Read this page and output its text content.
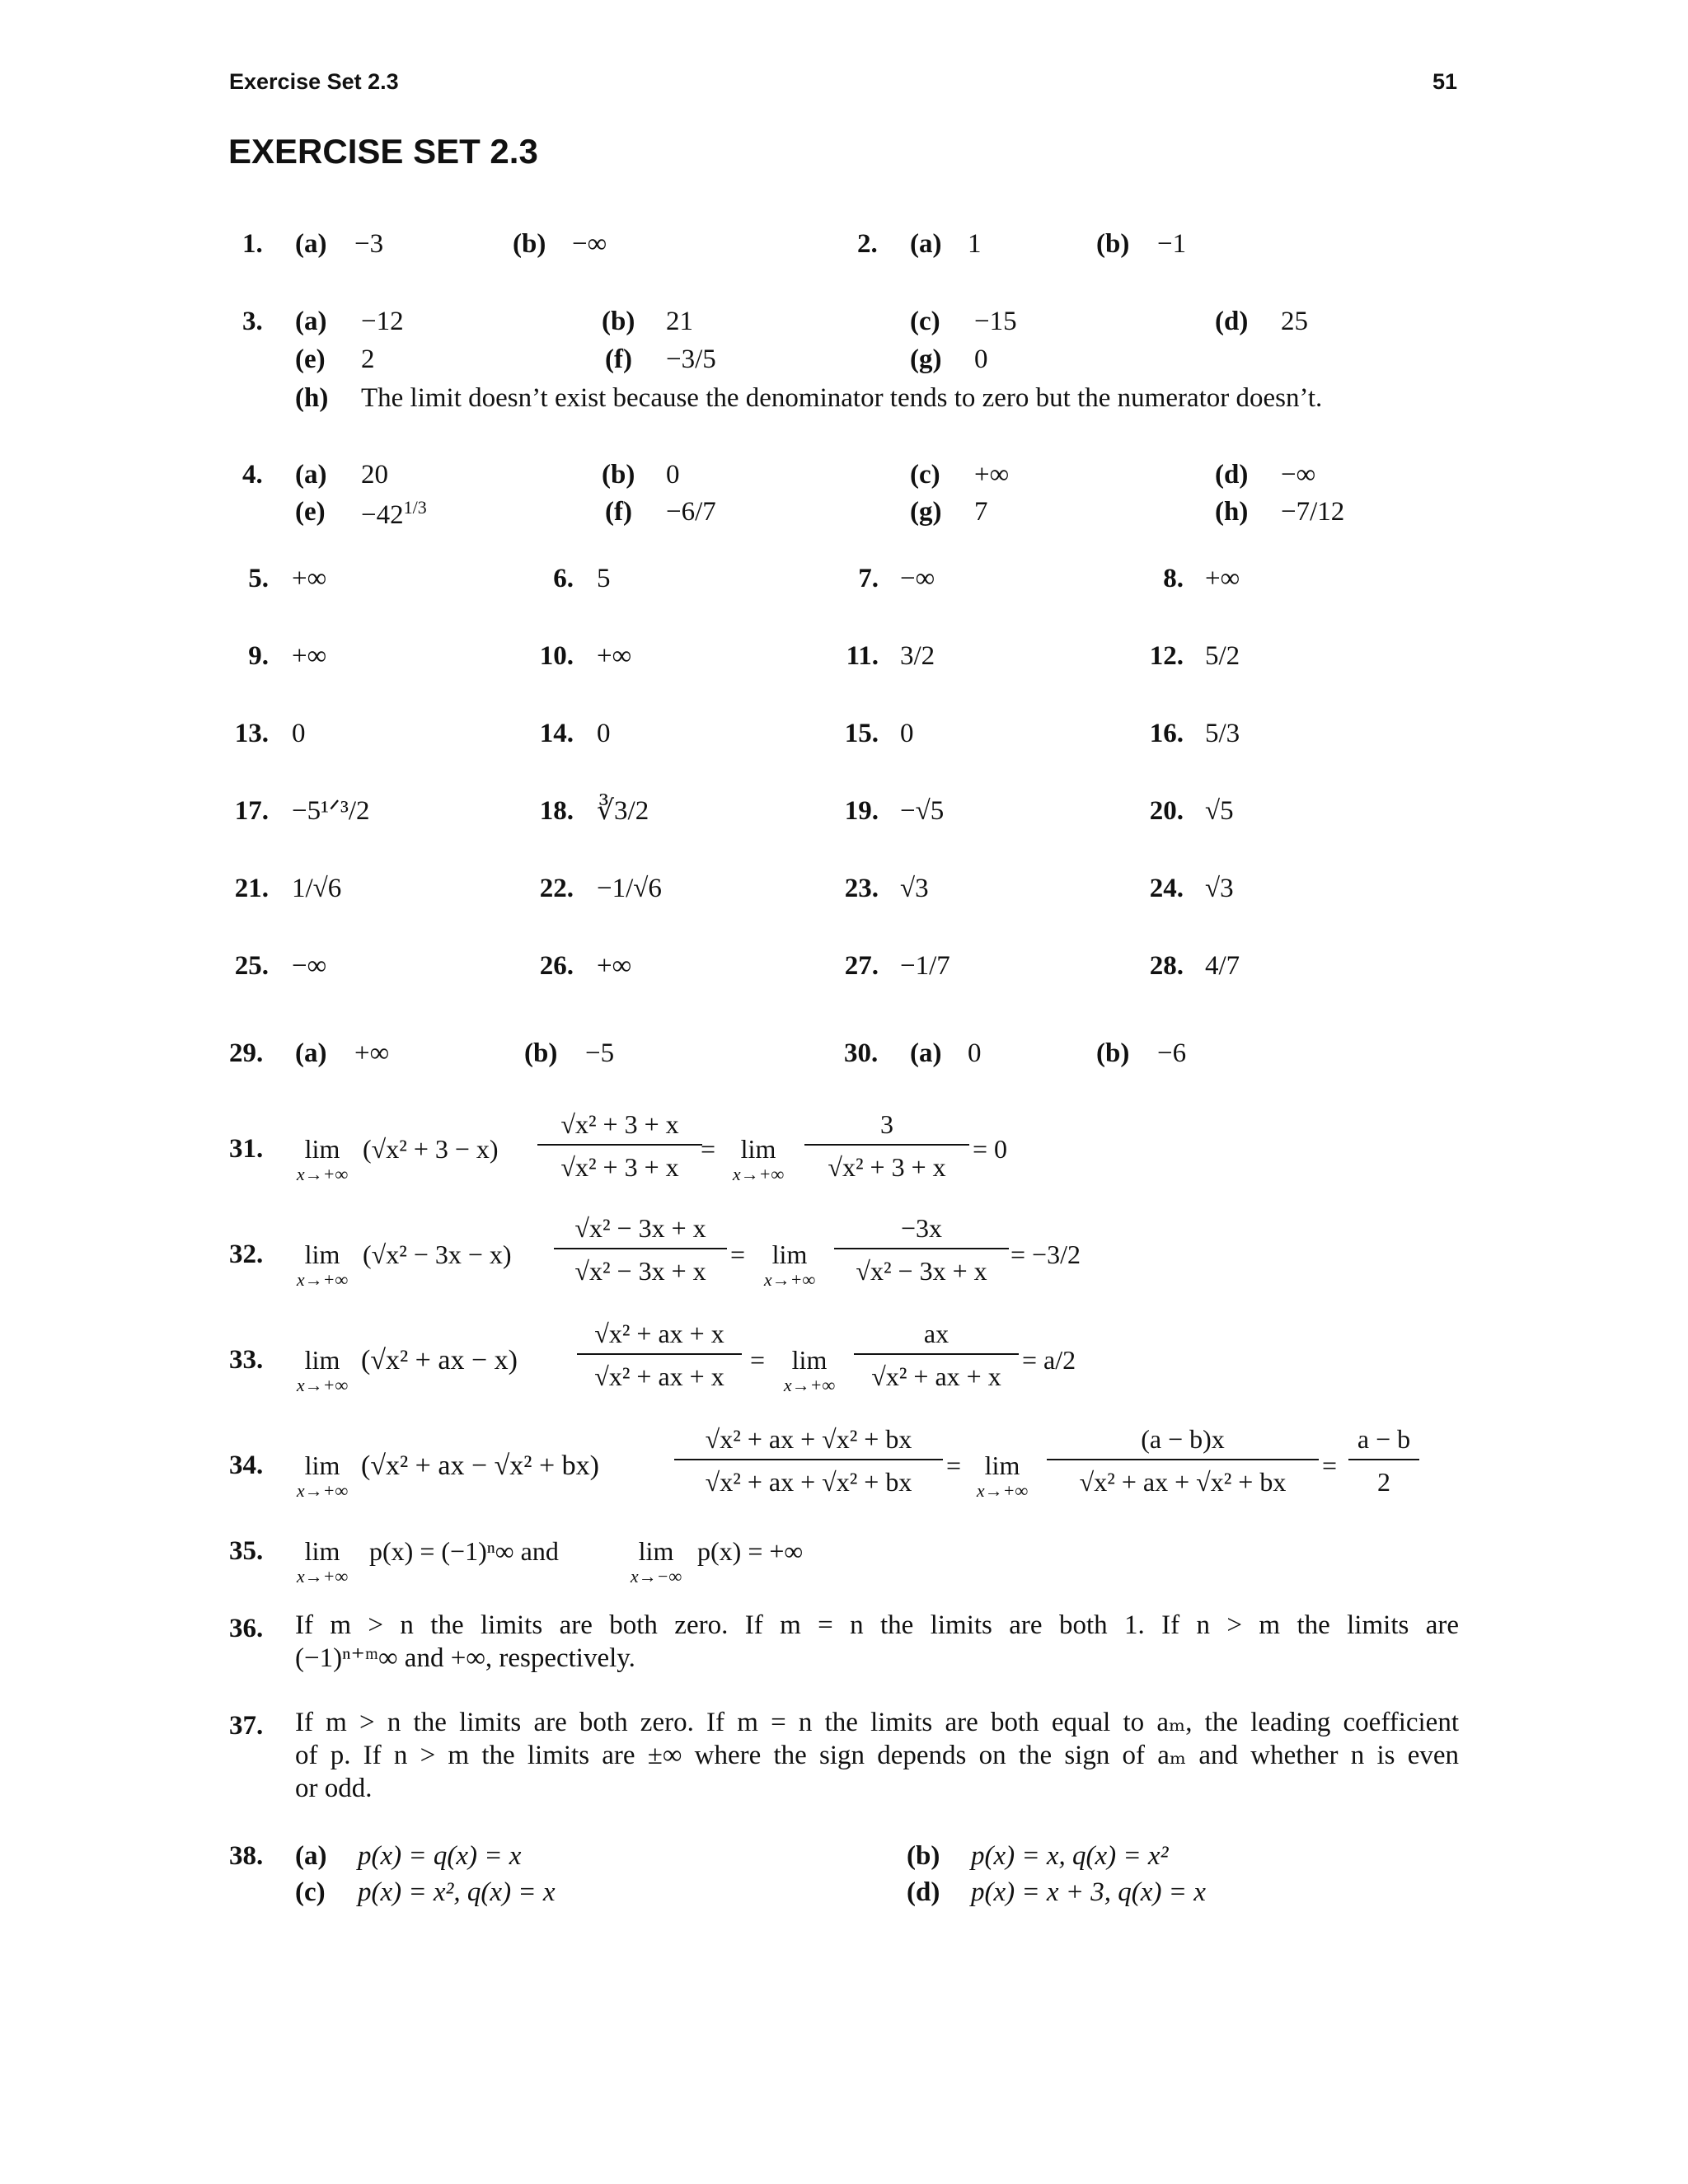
Exercise Set 2.3	51
EXERCISE SET 2.3
1. (a) −3	(b) −∞	2. (a) 1	(b) −1
3. (a) −12	(b) 21	(c) −15	(d) 25
(e) 2	(f) −3/5	(g) 0
(h) The limit doesn’t exist because the denominator tends to zero but the numerator doesn’t.
4. (a) 20	(b) 0	(c) +∞	(d) −∞
$(e) -42^{1/3}$	(f) −6/7	(g) 7	(h) −7/12
5. +∞	6. 5	7. −∞	8. +∞
9. +∞	10. +∞	11. 3/2	12. 5/2
13. 0	14. 0	15. 0	16. 5/3
17. −5¹ᐟ³/2	18. ∛3/2	19. −√5	20. √5
21. 1/√6	22. −1/√6	23. √3	24. √3
25. −∞	26. +∞	27. −1/7	28. 4/7
29. (a) +∞	(b) −5	30. (a) 0	(b) −6
31.	lim
x→+∞
(√x² + 3 − x)
√x² + 3 + x
√x² + 3 + x
= lim
x→+∞
3
√x² + 3 + x
= 0
32.	lim
x→+∞
(√x² − 3x − x)
√x² − 3x + x
√x² − 3x + x
=	lim
x→+∞
−3x
√x² − 3x + x
= −3/2
33.	lim
x→+∞
(√x² + ax − x)
√x² + ax + x
√x² + ax + x
=	lim
x→+∞
ax
√x² + ax + x
= a/2
34.	lim
x→+∞
(√x² + ax − √x² + bx)
√x² + ax + √x² + bx
√x² + ax + √x² + bx
= lim
x→+∞
(a − b)x
√x² + ax + √x² + bx
=
a − b
2
35.	lim
x→+∞
p(x) = (−1)ⁿ∞ and	lim
x→−∞
p(x) = +∞
36. If m > n the limits are both zero. If m = n the limits are both 1. If n > m the limits are
(−1)ⁿ⁺ᵐ∞ and +∞, respectively.
37. If m > n the limits are both zero. If m = n the limits are both equal to aₘ, the leading coefficient
of p. If n > m the limits are ±∞ where the sign depends on the sign of aₘ and whether n is even
or odd.
38. (a) p(x) = q(x) = x	(b) p(x) = x, q(x) = x²
(c) p(x) = x², q(x) = x	(d) p(x) = x + 3, q(x) = x
